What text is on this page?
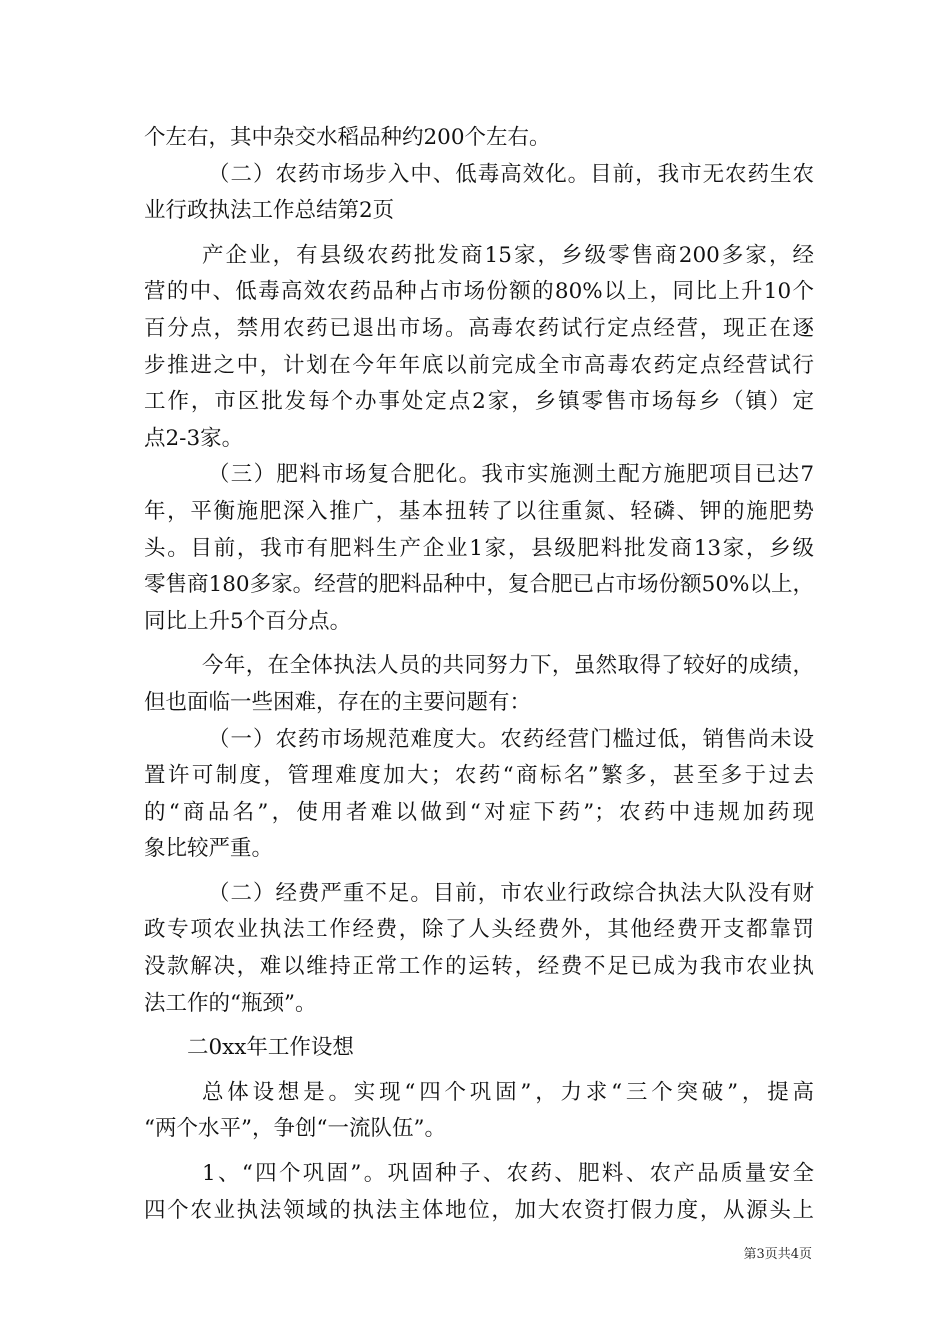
个左右，其中杂交水稻品种约200个左右。
（二）农药市场步入中、低毒高效化。目前，我市无农药生农
业行政执法工作总结第2页
产企业，有县级农药批发商15家，乡级零售商200多家，经
营的中、低毒高效农药品种占市场份额的80%以上，同比上升10个
百分点，禁用农药已退出市场。高毒农药试行定点经营，现正在逐
步推进之中，计划在今年年底以前完成全市高毒农药定点经营试行
工作，市区批发每个办事处定点2家，乡镇零售市场每乡（镇）定
点2-3家。
（三）肥料市场复合肥化。我市实施测土配方施肥项目已达7
年，平衡施肥深入推广，基本扭转了以往重氮、轻磷、钾的施肥势
头。目前，我市有肥料生产企业1家，县级肥料批发商13家，乡级
零售商180多家。经营的肥料品种中，复合肥已占市场份额50%以上，
同比上升5个百分点。
今年，在全体执法人员的共同努力下，虽然取得了较好的成绩，
但也面临一些困难，存在的主要问题有：
（一）农药市场规范难度大。农药经营门槛过低，销售尚未设
置许可制度，管理难度加大；农药“商标名”繁多，甚至多于过去
的“商品名”，使用者难以做到“对症下药”；农药中违规加药现
象比较严重。
（二）经费严重不足。目前，市农业行政综合执法大队没有财
政专项农业执法工作经费，除了人头经费外，其他经费开支都靠罚
没款解决，难以维持正常工作的运转，经费不足已成为我市农业执
法工作的“瓶颈”。
二0xx年工作设想
总体设想是。实现“四个巩固”，力求“三个突破”，提高
“两个水平”，争创“一流队伍”。
1、“四个巩固”。巩固种子、农药、肥料、农产品质量安全
四个农业执法领域的执法主体地位，加大农资打假力度，从源头上
第3页共4页
